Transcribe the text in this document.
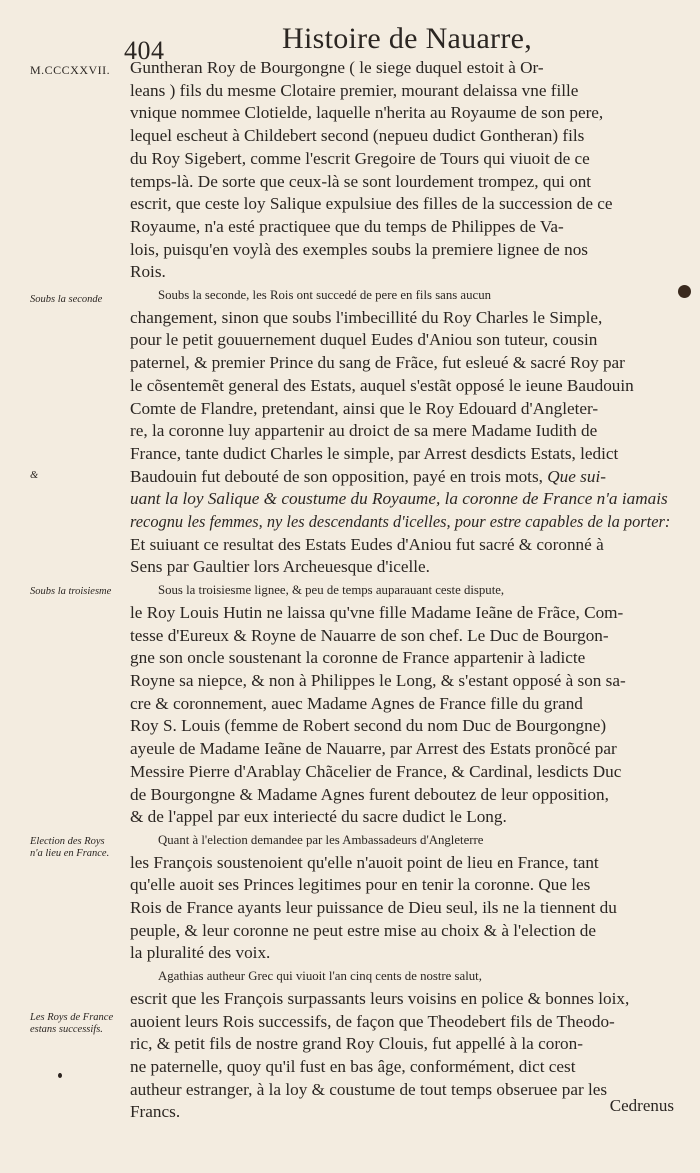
404	Histoire de Nauarre,
M.CCCXXVII.
Soubs la seconde
&
Soubs la troisiesme
Election des Roys
n'a lieu en France.
Les Roys de France
estans successifs.

Guntheran Roy de Bourgongne ( le siege duquel estoit à Or-
leans ) fils du mesme Clotaire premier, mourant delaissa vne fille
vnique nommee Clotielde, laquelle n'herita au Royaume de son pere,
lequel escheut à Childebert second (nepueu dudict Gontheran) fils
du Roy Sigebert, comme l'escrit Gregoire de Tours qui viuoit de ce
temps-là. De sorte que ceux-là se sont lourdement trompez, qui ont
escrit, que ceste loy Salique expulsiue des filles de la succession de ce
Royaume, n'a esté practiquee que du temps de Philippes de Va-
lois, puisqu'en voylà des exemples soubs la premiere lignee de nos
Rois.

Soubs la seconde, les Rois ont succedé de pere en fils sans aucun
changement, sinon que soubs l'imbecillité du Roy Charles le Simple,
pour le petit gouuernement duquel Eudes d'Aniou son tuteur, cousin
paternel, & premier Prince du sang de Frãce, fut esleué & sacré Roy par
le cõsentemẽt general des Estats, auquel s'estãt opposé le ieune Baudouin
Comte de Flandre, pretendant, ainsi que le Roy Edouard d'Angleter-
re, la coronne luy appartenir au droict de sa mere Madame Iudith de
France, tante dudict Charles le simple, par Arrest desdicts Estats, ledict
Baudouin fut debouté de son opposition, payé en trois mots, Que sui-
uant la loy Salique & coustume du Royaume, la coronne de France n'a iamais
recognu les femmes, ny les descendants d'icelles, pour estre capables de la porter:
Et suiuant ce resultat des Estats Eudes d'Aniou fut sacré & coronné à
Sens par Gaultier lors Archeuesque d'icelle.

Sous la troisiesme lignee, & peu de temps auparauant ceste dispute,
le Roy Louis Hutin ne laissa qu'vne fille Madame Ieãne de Frãce, Com-
tesse d'Eureux & Royne de Nauarre de son chef. Le Duc de Bourgon-
gne son oncle soustenant la coronne de France appartenir à ladicte
Royne sa niepce, & non à Philippes le Long, & s'estant opposé à son sa-
cre & coronnement, auec Madame Agnes de France fille du grand
Roy S. Louis (femme de Robert second du nom Duc de Bourgongne)
ayeule de Madame Ieãne de Nauarre, par Arrest des Estats pronõcé par
Messire Pierre d'Arablay Chãcelier de France, & Cardinal, lesdicts Duc
de Bourgongne & Madame Agnes furent deboutez de leur opposition,
& de l'appel par eux interiecté du sacre dudict le Long.

Quant à l'election demandee par les Ambassadeurs d'Angleterre
les François soustenoient qu'elle n'auoit point de lieu en France, tant
qu'elle auoit ses Princes legitimes pour en tenir la coronne. Que les
Rois de France ayants leur puissance de Dieu seul, ils ne la tiennent du
peuple, & leur coronne ne peut estre mise au choix & à l'election de
la pluralité des voix.

Agathias autheur Grec qui viuoit l'an cinq cents de nostre salut,
escrit que les François surpassants leurs voisins en police & bonnes loix,
auoient leurs Rois successifs, de façon que Theodebert fils de Theodo-
ric, & petit fils de nostre grand Roy Clouis, fut appellé à la coron-
ne paternelle, quoy qu'il fust en bas âge, conformément, dict cest
autheur estranger, à la loy & coustume de tout temps obseruee par les
Francs.	Cedrenus
